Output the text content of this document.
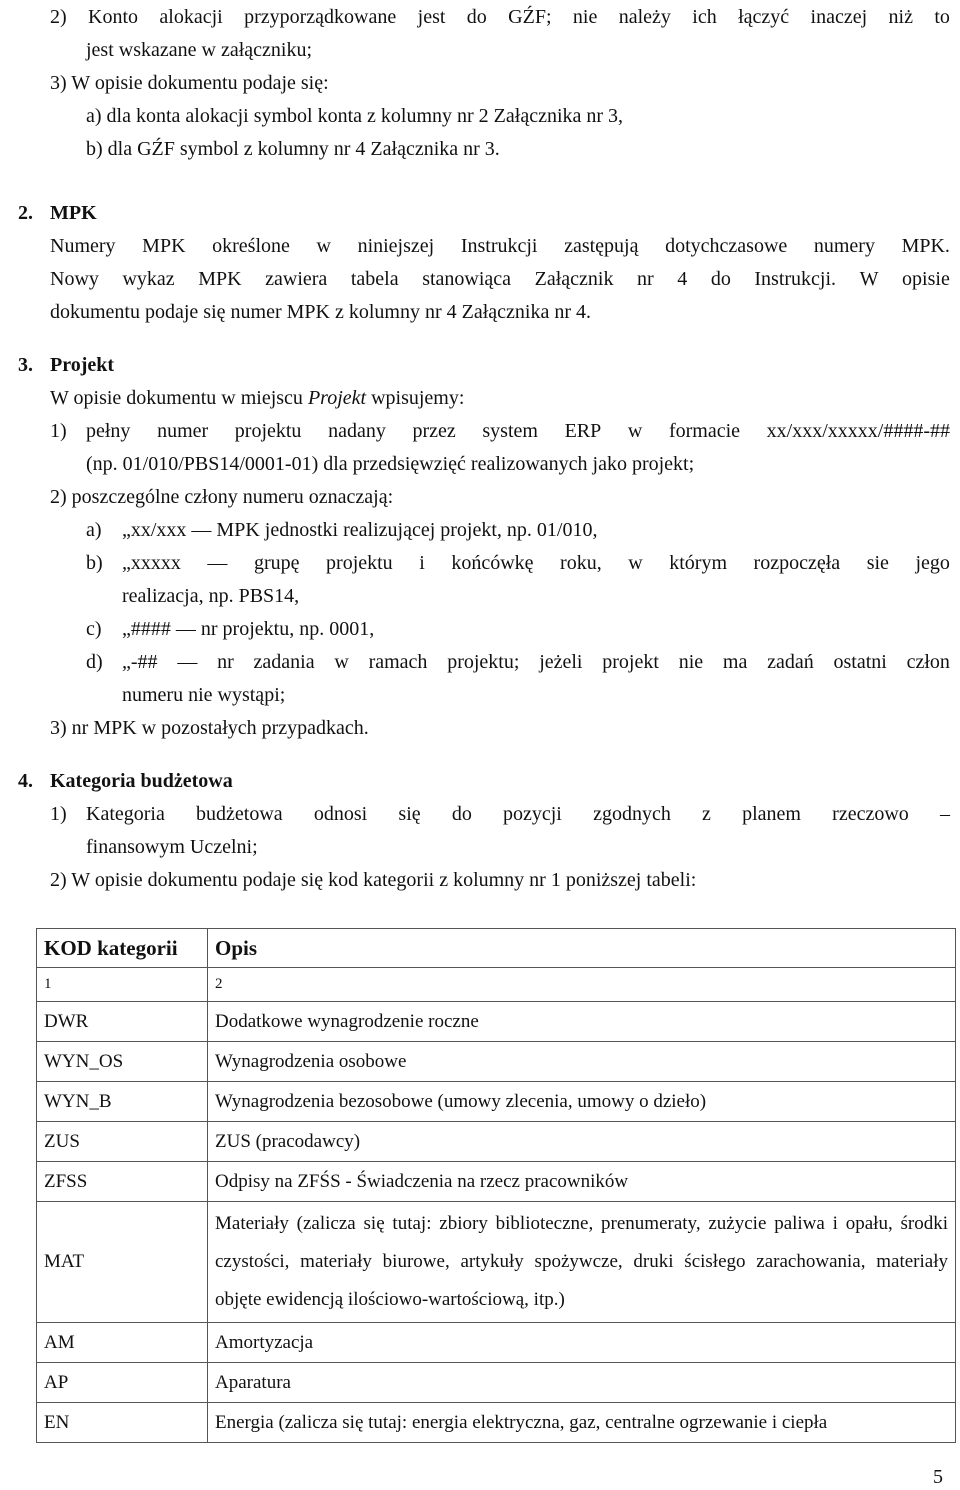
2) Konto alokacji przyporządkowane jest do GŹF; nie należy ich łączyć inaczej niż to
jest wskazane w załączniku;
3) W opisie dokumentu podaje się:
a) dla konta alokacji symbol konta z kolumny nr 2 Załącznika nr 3,
b) dla GŹF symbol z kolumny nr 4 Załącznika nr 3.
2. MPK
Numery MPK określone w niniejszej Instrukcji zastępują dotychczasowe numery MPK.
Nowy wykaz MPK zawiera tabela stanowiąca Załącznik nr 4 do Instrukcji. W opisie
dokumentu podaje się numer MPK z kolumny nr 4 Załącznika nr 4.
3. Projekt
W opisie dokumentu w miejscu Projekt wpisujemy:
1) pełny numer projektu nadany przez system ERP w formacie xx/xxx/xxxxx/####-##
(np. 01/010/PBS14/0001-01) dla przedsięwzięć realizowanych jako projekt;
2) poszczególne człony numeru oznaczają:
a) „xx/xxx — MPK jednostki realizującej projekt, np. 01/010,
b) „xxxxx — grupę projektu i końcówkę roku, w którym rozpoczęła sie jego
realizacja, np. PBS14,
c) „#### — nr projektu, np. 0001,
d) „-## — nr zadania w ramach projektu; jeżeli projekt nie ma zadań ostatni człon
numeru nie wystąpi;
3) nr MPK w pozostałych przypadkach.
4. Kategoria budżetowa
1) Kategoria budżetowa odnosi się do pozycji zgodnych z planem rzeczowo –
finansowym Uczelni;
2) W opisie dokumentu podaje się kod kategorii z kolumny nr 1 poniższej tabeli:
KOD kategorii	Opis
1	2
DWR	Dodatkowe wynagrodzenie roczne
WYN_OS	Wynagrodzenia osobowe
WYN_B	Wynagrodzenia bezosobowe (umowy zlecenia, umowy o dzieło)
ZUS	ZUS (pracodawcy)
ZFSS	Odpisy na ZFŚS - Świadczenia na rzecz pracowników
MAT	Materiały (zalicza się tutaj: zbiory biblioteczne, prenumeraty, zużycie paliwa i opału, środki czystości, materiały biurowe, artykuły spożywcze, druki ścisłego zarachowania, materiały objęte ewidencją ilościowo-wartościową, itp.)
AM	Amortyzacja
AP	Aparatura
EN	Energia (zalicza się tutaj: energia elektryczna, gaz, centralne ogrzewanie i ciepła
5
